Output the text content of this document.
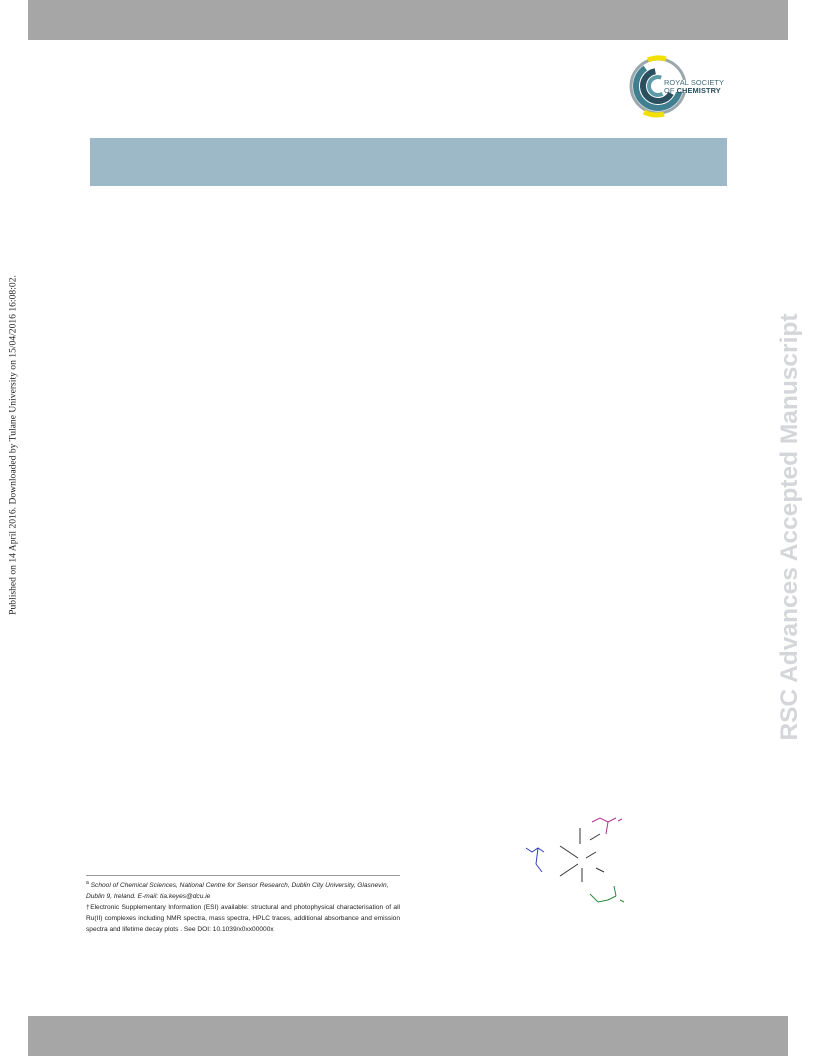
ROYAL SOCIETY
OF CHEMISTRY
Published on 14 April 2016. Downloaded by Tulane University on 15/04/2016 16:08:02.	RSC Advances Accepted Manuscript
$^a$ School of Chemical Sciences, National Centre for Sensor Research, Dublin City University, Glasnevin, Dublin 9, Ireland. E-mail: tia.keyes@dcu.ie
†Electronic Supplementary Information (ESI) available: structural and photophysical characterisation of all Ru(II) complexes including NMR spectra, mass spectra, HPLC traces, additional absorbance and emission spectra and lifetime decay plots . See DOI: 10.1039/x0xx00000x
